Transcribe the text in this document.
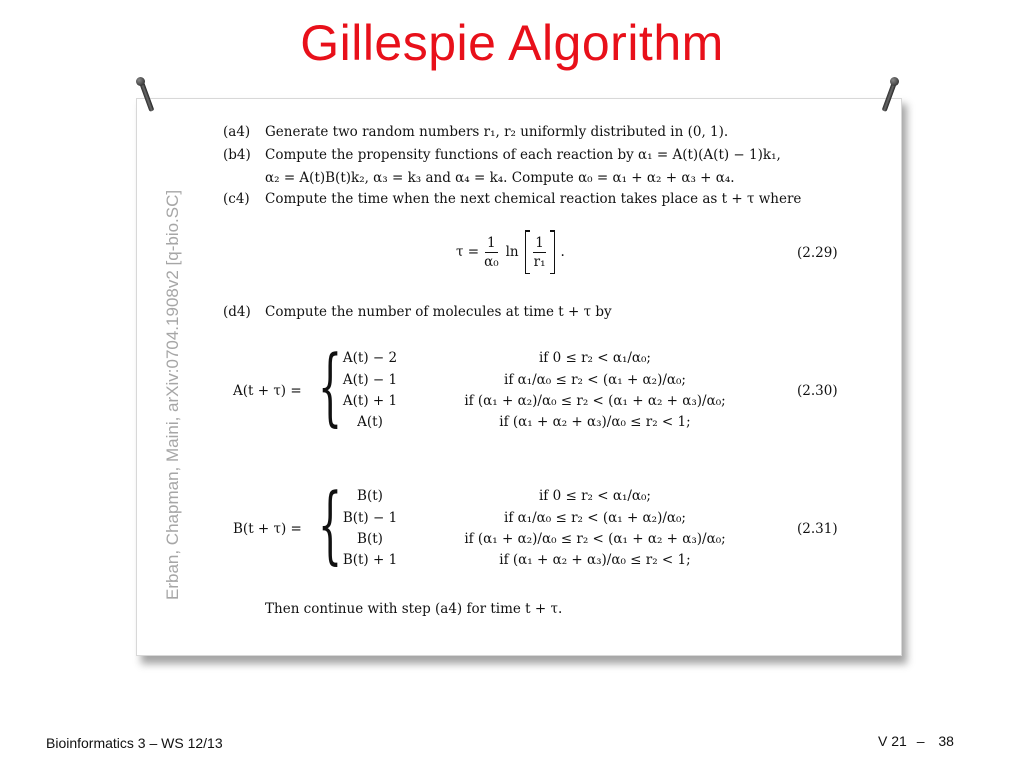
Gillespie Algorithm
Erban, Chapman, Maini, arXiv:0704.1908v2 [q-bio.SC]
(a4) Generate two random numbers r₁, r₂ uniformly distributed in (0, 1).
(b4) Compute the propensity functions of each reaction by α₁ = A(t)(A(t) − 1)k₁,
α₂ = A(t)B(t)k₂, α₃ = k₃ and α₄ = k₄. Compute α₀ = α₁ + α₂ + α₃ + α₄.
(c4) Compute the time when the next chemical reaction takes place as t + τ where
$\tau = \frac{1}{\text{α₀}}$ $\ln \frac{1}{\text{r₁}}$ .	(2.29)
(d4) Compute the number of molecules at time t + τ by
A(t + τ) = { A(t) − 2	if 0 ≤ r₂ < α₁/α₀;
A(t) − 1	if α₁/α₀ ≤ r₂ < (α₁ + α₂)/α₀;
A(t) + 1	if (α₁ + α₂)/α₀ ≤ r₂ < (α₁ + α₂ + α₃)/α₀;
A(t)	if (α₁ + α₂ + α₃)/α₀ ≤ r₂ < 1;
(2.30)
B(t + τ) = {	B(t)	if 0 ≤ r₂ < α₁/α₀;
B(t) − 1	if α₁/α₀ ≤ r₂ < (α₁ + α₂)/α₀;
B(t)	if (α₁ + α₂)/α₀ ≤ r₂ < (α₁ + α₂ + α₃)/α₀;
B(t) + 1	if (α₁ + α₂ + α₃)/α₀ ≤ r₂ < 1;
(2.31)
Then continue with step (a4) for time t + τ.
Bioinformatics 3 – WS 12/13	V 21 – 38
